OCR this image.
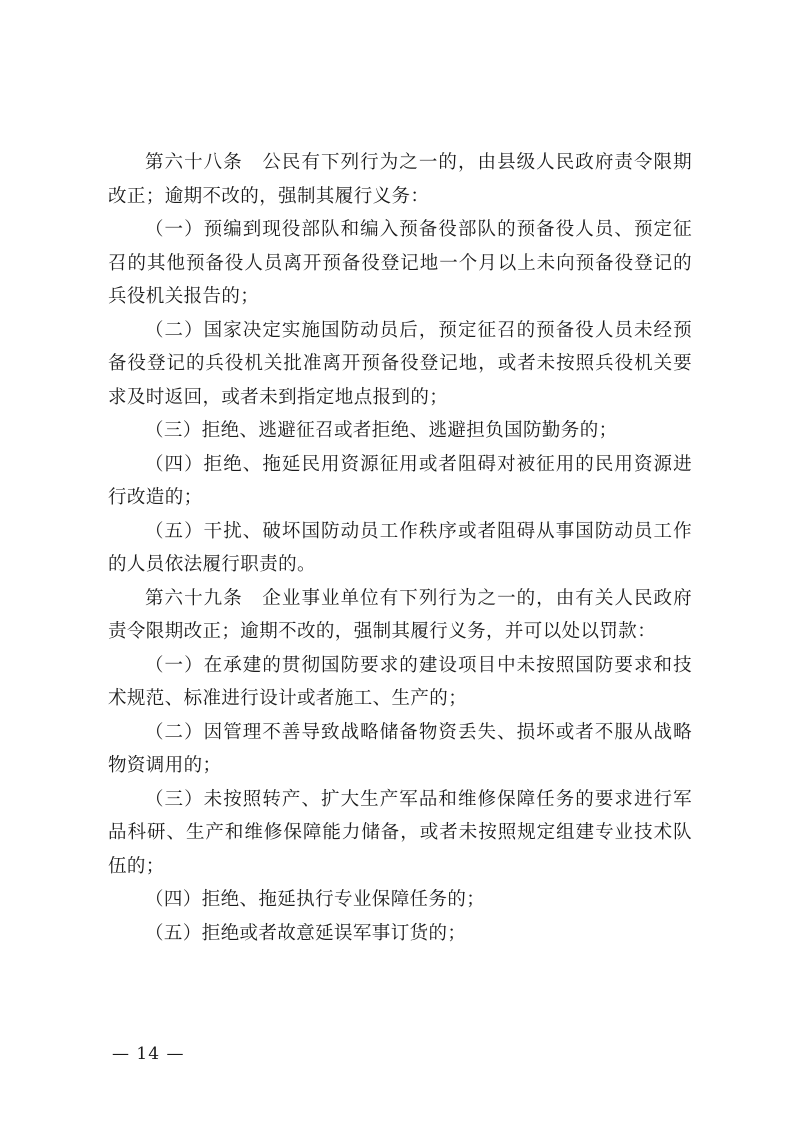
第六十八条　公民有下列行为之一的，由县级人民政府责令限期改正；逾期不改的，强制其履行义务：

（一）预编到现役部队和编入预备役部队的预备役人员、预定征召的其他预备役人员离开预备役登记地一个月以上未向预备役登记的兵役机关报告的；

（二）国家决定实施国防动员后，预定征召的预备役人员未经预备役登记的兵役机关批准离开预备役登记地，或者未按照兵役机关要求及时返回，或者未到指定地点报到的；

（三）拒绝、逃避征召或者拒绝、逃避担负国防勤务的；

（四）拒绝、拖延民用资源征用或者阻碍对被征用的民用资源进行改造的；

（五）干扰、破坏国防动员工作秩序或者阻碍从事国防动员工作的人员依法履行职责的。

第六十九条　企业事业单位有下列行为之一的，由有关人民政府责令限期改正；逾期不改的，强制其履行义务，并可以处以罚款：

（一）在承建的贯彻国防要求的建设项目中未按照国防要求和技术规范、标准进行设计或者施工、生产的；

（二）因管理不善导致战略储备物资丢失、损坏或者不服从战略物资调用的；

（三）未按照转产、扩大生产军品和维修保障任务的要求进行军品科研、生产和维修保障能力储备，或者未按照规定组建专业技术队伍的；

（四）拒绝、拖延执行专业保障任务的；

（五）拒绝或者故意延误军事订货的；

— 14 —
